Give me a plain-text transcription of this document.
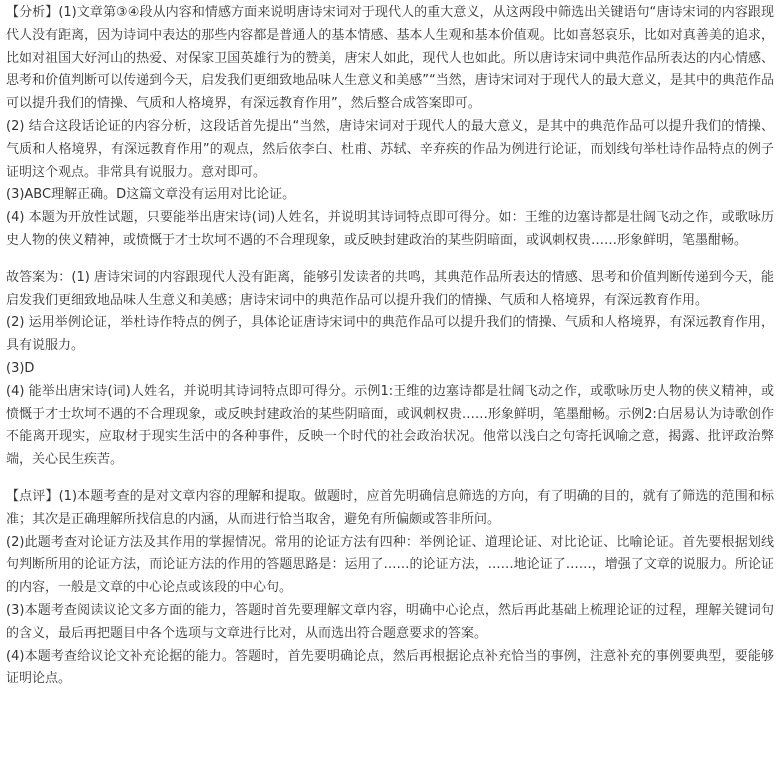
【分析】(1)文章第③④段从内容和情感方面来说明唐诗宋词对于现代人的重大意义，从这两段中筛选出关键语句“唐诗宋词的内容跟现代人没有距离，因为诗词中表达的那些内容都是普通人的基本情感、基本人生观和基本价值观。比如喜怒哀乐，比如对真善美的追求，比如对祖国大好河山的热爱、对保家卫国英雄行为的赞美，唐宋人如此，现代人也如此。所以唐诗宋词中典范作品所表达的内心情感、思考和价值判断可以传递到今天，启发我们更细致地品味人生意义和美感”“当然，唐诗宋词对于现代人的最大意义，是其中的典范作品可以提升我们的情操、气质和人格境界，有深远教育作用”，然后整合成答案即可。

(2) 结合这段话论证的内容分析，这段话首先提出“当然，唐诗宋词对于现代人的最大意义，是其中的典范作品可以提升我们的情操、气质和人格境界，有深远教育作用”的观点，然后依李白、杜甫、苏轼、辛弃疾的作品为例进行论证，而划线句举杜诗作品特点的例子证明这个观点。非常具有说服力。意对即可。

(3)ABC理解正确。D这篇文章没有运用对比论证。

(4) 本题为开放性试题，只要能举出唐宋诗(词)人姓名，并说明其诗词特点即可得分。如：王维的边塞诗都是壮阔飞动之作，或歌咏历史人物的侠义精神，或愤慨于才士坎坷不遇的不合理现象，或反映封建政治的某些阴暗面，或讽刺权贵……形象鲜明，笔墨酣畅。

故答案为：(1) 唐诗宋词的内容跟现代人没有距离，能够引发读者的共鸣，其典范作品所表达的情感、思考和价值判断传递到今天，能启发我们更细致地品味人生意义和美感；唐诗宋词中的典范作品可以提升我们的情操、气质和人格境界，有深远教育作用。

(2) 运用举例论证，举杜诗作特点的例子，具体论证唐诗宋词中的典范作品可以提升我们的情操、气质和人格境界，有深远教育作用，具有说服力。

(3)D

(4) 能举出唐宋诗(词)人姓名，并说明其诗词特点即可得分。示例1:王维的边塞诗都是壮阔飞动之作，或歌咏历史人物的侠义精神，或愤慨于才士坎坷不遇的不合理现象，或反映封建政治的某些阴暗面，或讽刺权贵……形象鲜明，笔墨酣畅。示例2:白居易认为诗歌创作不能离开现实，应取材于现实生活中的各种事件，反映一个时代的社会政治状况。他常以浅白之句寄托讽喻之意，揭露、批评政治弊端，关心民生疾苦。

【点评】(1)本题考查的是对文章内容的理解和提取。做题时，应首先明确信息筛选的方向，有了明确的目的，就有了筛选的范围和标准；其次是正确理解所找信息的内涵，从而进行恰当取舍，避免有所偏颇或答非所问。

(2)此题考查对论证方法及其作用的掌握情况。常用的论证方法有四种：举例论证、道理论证、对比论证、比喻论证。首先要根据划线句判断所用的论证方法，而论证方法的作用的答题思路是：运用了……的论证方法，……地论证了……，增强了文章的说服力。所论证的内容，一般是文章的中心论点或该段的中心句。

(3)本题考查阅读议论文多方面的能力，答题时首先要理解文章内容，明确中心论点，然后再此基础上梳理论证的过程，理解关键词句的含义，最后再把题目中各个选项与文章进行比对，从而选出符合题意要求的答案。

(4)本题考查给议论文补充论据的能力。答题时，首先要明确论点，然后再根据论点补充恰当的事例，注意补充的事例要典型，要能够证明论点。
